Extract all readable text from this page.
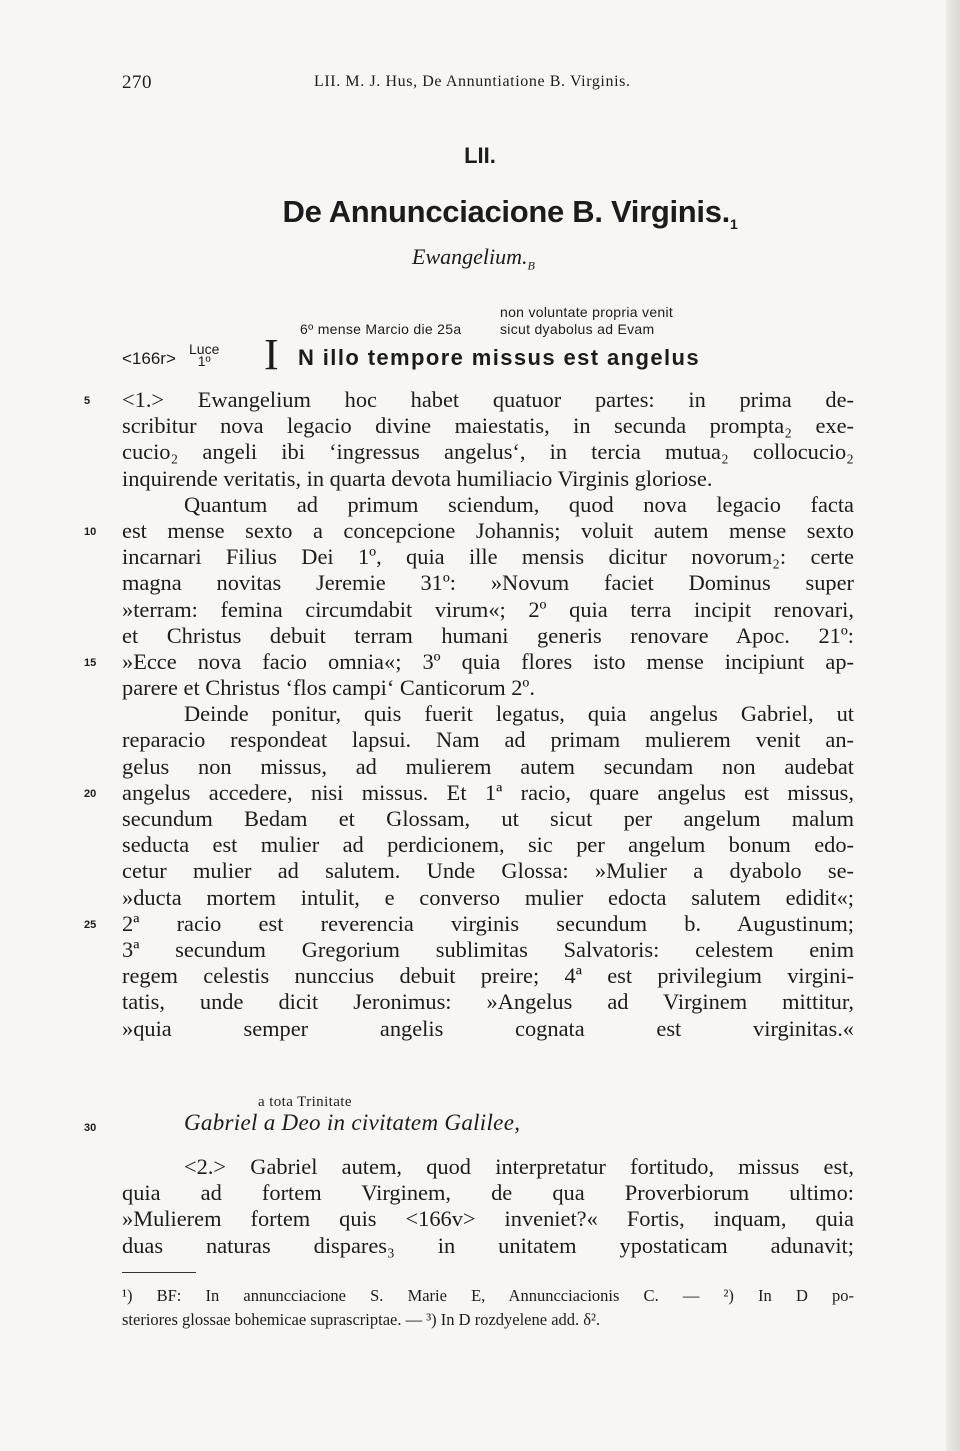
270	LII. M. J. Hus, De Annuntiatione B. Virginis.
LII.
De Annuncciacione B. $Virginis._1$
$Ewangelium._B$
non voluntate propria venit
6º mense Marcio die 25a	sicut dyabolus ad Evam
<166r> Luce
1º I N illo tempore missus est angelus
5 <1.> Ewangelium hoc habet quatuor partes: in prima de-
scribitur nova legacio divine maiestatis, in secunda prompta₂ exe-
cucio₂ angeli ibi ‘ingressus angelus‘, in tercia mutua₂ collocucio₂
inquirende veritatis, in quarta devota humiliacio Virginis gloriose.
Quantum ad primum sciendum, quod nova legacio facta
10 est mense sexto a concepcione Johannis; voluit autem mense sexto
incarnari Filius Dei 1º, quia ille mensis dicitur novorum₂: certe
magna novitas Jeremie 31º: »Novum faciet Dominus super
»terram: femina circumdabit virum«; 2º quia terra incipit renovari,
et Christus debuit terram humani generis renovare Apoc. 21º:
15 »Ecce nova facio omnia«; 3º quia flores isto mense incipiunt ap-
parere et Christus ‘flos campi‘ Canticorum 2º.
Deinde ponitur, quis fuerit legatus, quia angelus Gabriel, ut
reparacio respondeat lapsui. Nam ad primam mulierem venit an-
gelus non missus, ad mulierem autem secundam non audebat
20 angelus accedere, nisi missus. Et 1ª racio, quare angelus est missus,
secundum Bedam et Glossam, ut sicut per angelum malum
seducta est mulier ad perdicionem, sic per angelum bonum edo-
cetur mulier ad salutem. Unde Glossa: »Mulier a dyabolo se-
»ducta mortem intulit, e converso mulier edocta salutem edidit«;
25 2ª racio est reverencia virginis secundum b. Augustinum;
3ª secundum Gregorium sublimitas Salvatoris: celestem enim
regem celestis nunccius debuit preire; 4ª est privilegium virgini-
tatis, unde dicit Jeronimus: »Angelus ad Virginem mittitur,
»quia semper angelis cognata est virginitas.«
a tota Trinitate
30	Gabriel a Deo in civitatem Galilee,
<2.> Gabriel autem, quod interpretatur fortitudo, missus est,
quia ad fortem Virginem, de qua Proverbiorum ultimo:
»Mulierem fortem quis <166v> inveniet?« Fortis, inquam, quia
duas naturas dispares₃ in unitatem ypostaticam adunavit;
¹) BF: In annuncciacione S. Marie E, Annuncciacionis C. — ²) In D po-
steriores glossae bohemicae suprascriptae. — ³) In D rozdyelene add. δ².
